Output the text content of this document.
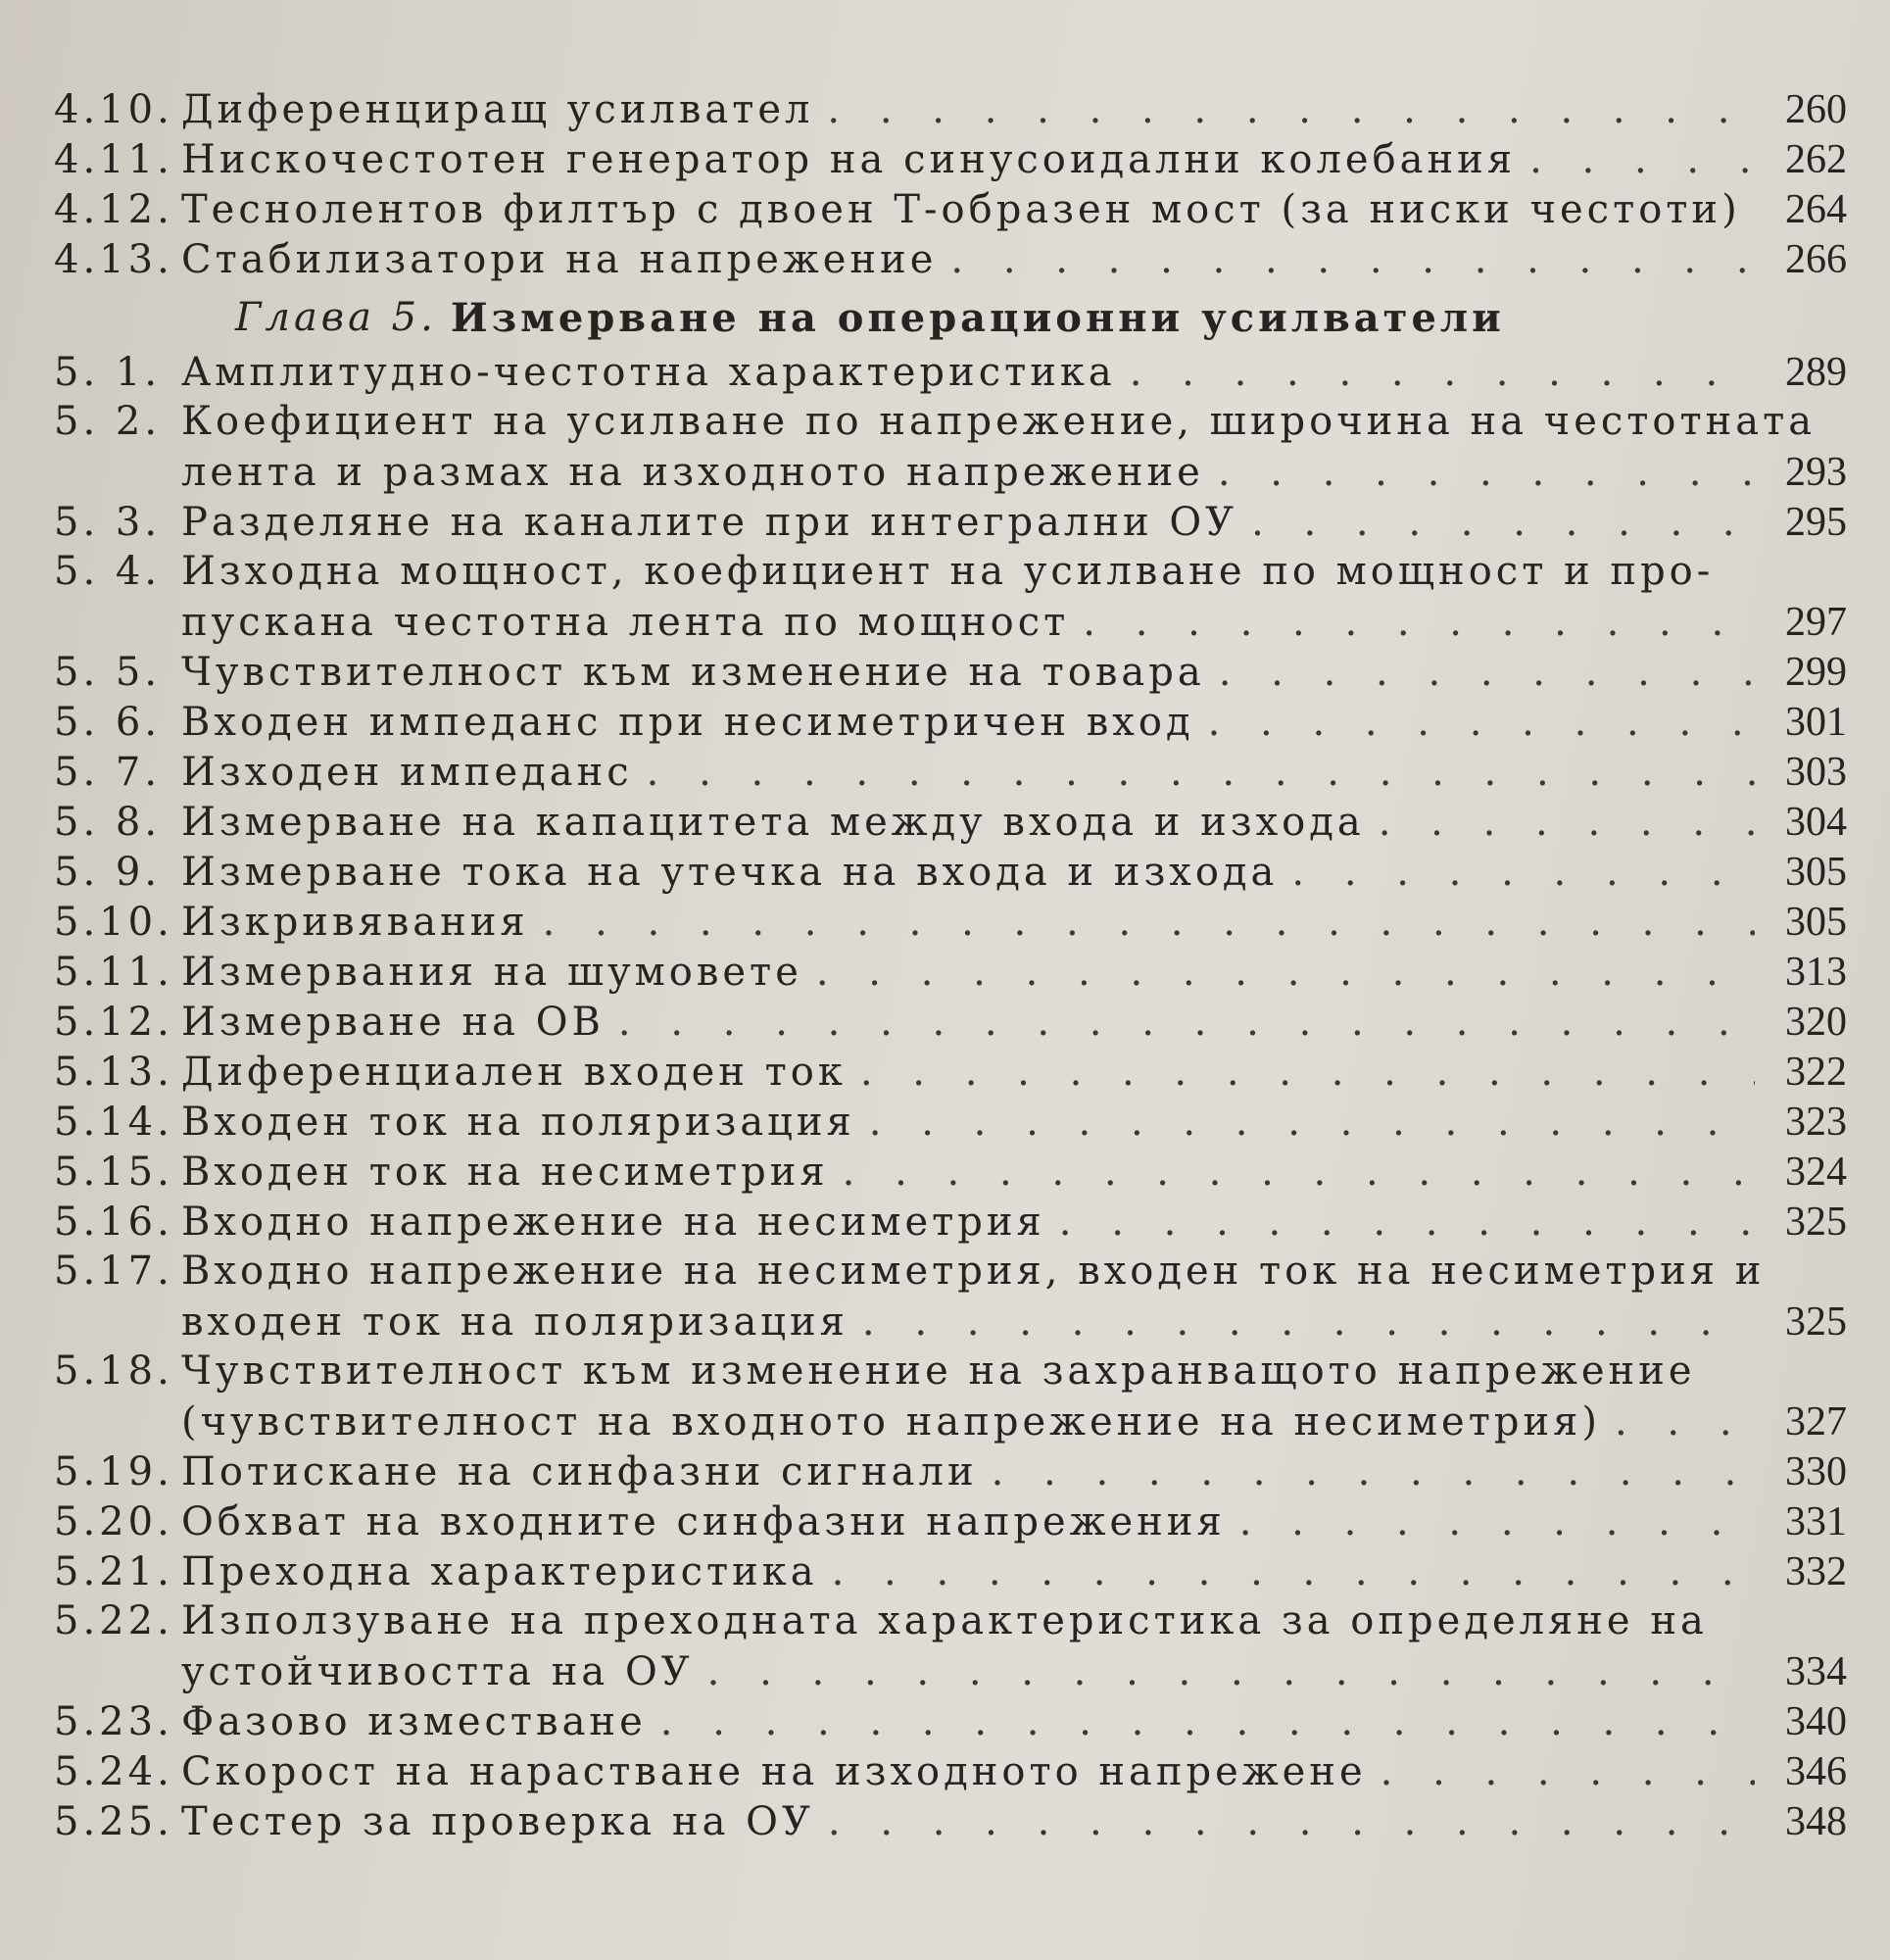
4.10. Диференциращ усилвател . . .	260
4.11. Нискочестотен генератор на синусоидални колебания . . .	262
4.12. Теснолентов филтър с двоен Т-образен мост (за ниски честоти) . . .	264
4.13. Стабилизатори на напрежение . . .	266
Глава 5. Измерване на операционни усилватели
5. 1. Амплитудно-честотна характеристика . . .	289
5. 2. Коефициент на усилване по напрежение, широчина на честотната
лента и размах на изходното напрежение . . .	293
5. 3. Разделяне на каналите при интегрални ОУ . . .	295
5. 4. Изходна мощност, коефициент на усилване по мощност и про-
пускана честотна лента по мощност . . .	297
5. 5. Чувствителност към изменение на товара . . .	299
5. 6. Входен импеданс при несиметричен вход . . .	301
5. 7. Изходен импеданс . . .	303
5. 8. Измерване на капацитета между входа и изхода . . .	304
5. 9. Измерване тока на утечка на входа и изхода . . .	305
5.10. Изкривявания . . .	305
5.11. Измервания на шумовете . . .	313
5.12. Измерване на ОВ . . .	320
5.13. Диференциален входен ток . . .	322
5.14. Входен ток на поляризация . . .	323
5.15. Входен ток на несиметрия . . .	324
5.16. Входно напрежение на несиметрия . . .	325
5.17. Входно напрежение на несиметрия, входен ток на несиметрия и
входен ток на поляризация . . .	325
5.18. Чувствителност към изменение на захранващото напрежение
(чувствителност на входното напрежение на несиметрия) . . .	327
5.19. Потискане на синфазни сигнали . . .	330
5.20. Обхват на входните синфазни напрежения . . .	331
5.21. Преходна характеристика . . .	332
5.22. Използуване на преходната характеристика за определяне на
устойчивостта на ОУ . . .	334
5.23. Фазово изместване . . .	340
5.24. Скорост на нарастване на изходното напрежене . . .	346
5.25. Тестер за проверка на ОУ . . .	348
